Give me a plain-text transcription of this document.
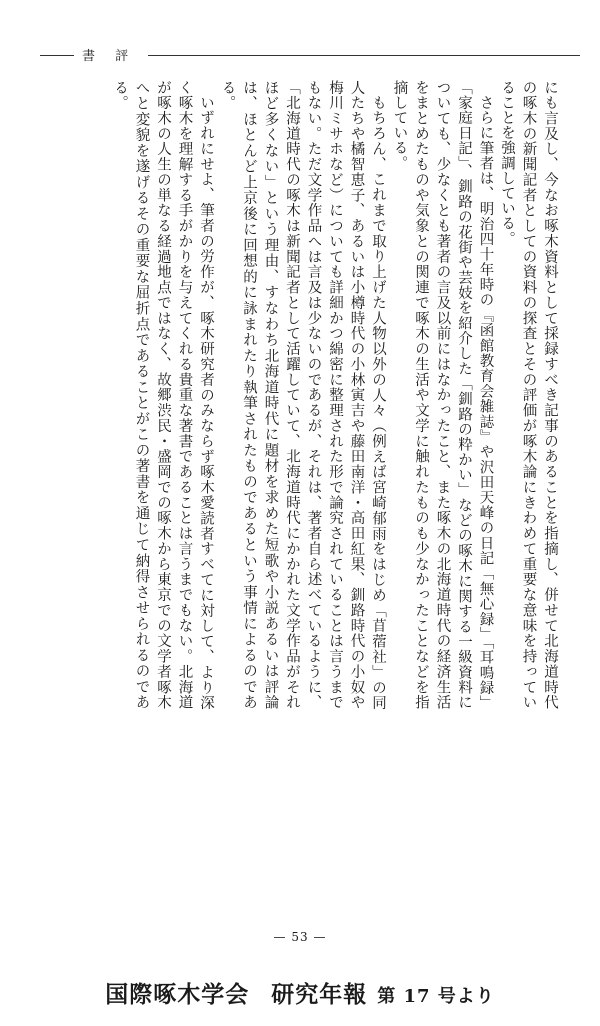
書 評

にも言及し、今なお啄木資料として採録すべき記事のあることを指摘し、併せて北海道時代の啄木の新聞記者としての資料の探査とその評価が啄木論にきわめて重要な意味を持っていることを強調している。

さらに筆者は、明治四十年時の『函館教育会雑誌』や沢田天峰の日記「無心録」「耳鳴録」「家庭日記」、釧路の花街や芸妓を紹介した「釧路の粋かい」などの啄木に関する一級資料についても、少なくとも著者の言及以前にはなかったこと、また啄木の北海道時代の経済生活をまとめたものや気象との関連で啄木の生活や文学に触れたものも少なかったことなどを指摘している。

もちろん、これまで取り上げた人物以外の人々（例えば宮崎郁雨をはじめ「苜蓿社」の同人たちや橘智恵子、あるいは小樽時代の小林寅吉や藤田南洋・高田紅果、釧路時代の小奴や梅川ミサホなど）についても詳細かつ綿密に整理された形で論究されていることは言うまでもない。ただ文学作品へは言及は少ないのであるが、それは、著者自ら述べているように、「北海道時代の啄木は新聞記者として活躍していて、北海道時代にかかれた文学作品がそれほど多くない」という理由、すなわち北海道時代に題材を求めた短歌や小説あるいは評論は、ほとんど上京後に回想的に詠まれたり執筆されたものであるという事情によるのである。

いずれにせよ、筆者の労作が、啄木研究者のみならず啄木愛読者すべてに対して、より深く啄木を理解する手がかりを与えてくれる貴重な著書であることは言うまでもない。北海道が啄木の人生の単なる経過地点ではなく、故郷渋民・盛岡での啄木から東京での文学者啄木へと変貌を遂げるその重要な屈折点であることがこの著書を通じて納得させられるのである。

— 53 —
国際啄木学会 研究年報 第 17 号より
